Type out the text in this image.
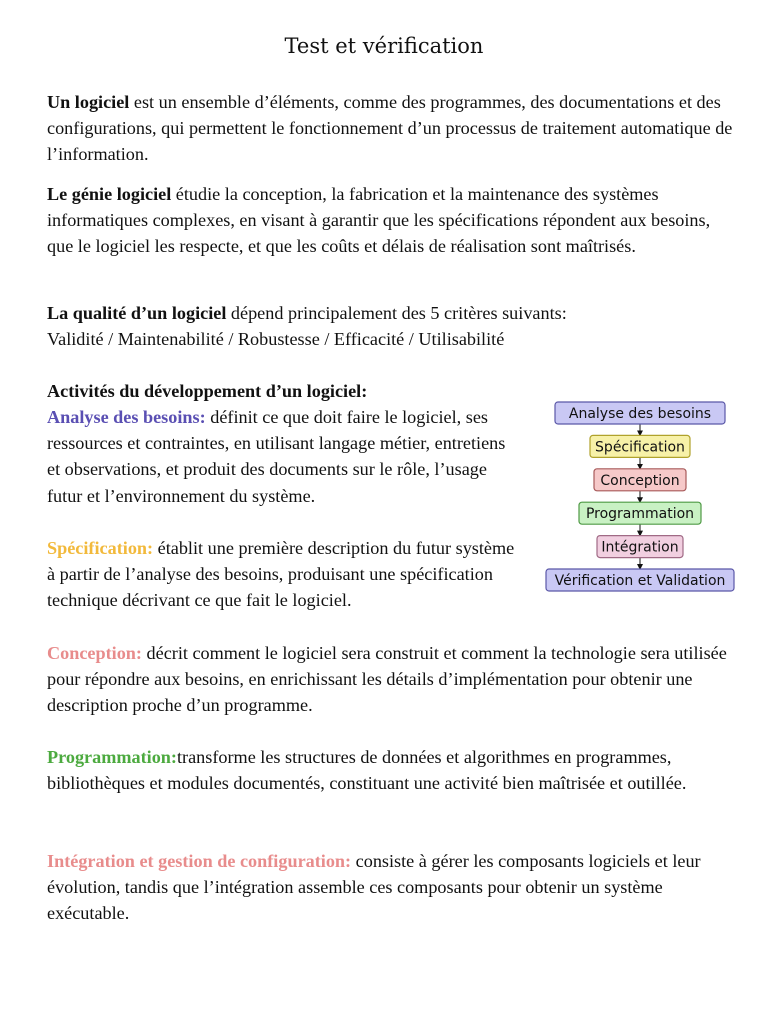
Test et vérification
Un logiciel est un ensemble d’éléments, comme des programmes, des documentations et des configurations, qui permettent le fonctionnement d’un processus de traitement automatique de l’information.
Le génie logiciel étudie la conception, la fabrication et la maintenance des systèmes informatiques complexes, en visant à garantir que les spécifications répondent aux besoins, que le logiciel les respecte, et que les coûts et délais de réalisation sont maîtrisés.
La qualité d’un logiciel dépend principalement des 5 critères suivants:
Validité / Maintenabilité / Robustesse / Efficacité / Utilisabilité
Activités du développement d’un logiciel:
Analyse des besoins: définit ce que doit faire le logiciel, ses ressources et contraintes, en utilisant langage métier, entretiens et observations, et produit des documents sur le rôle, l’usage futur et l’environnement du système.
Spécification: établit une première description du futur système à partir de l’analyse des besoins, produisant une spécification technique décrivant ce que fait le logiciel.
Conception: décrit comment le logiciel sera construit et comment la technologie sera utilisée pour répondre aux besoins, en enrichissant les détails d’implémentation pour obtenir une description proche d’un programme.
Programmation:transforme les structures de données et algorithmes en programmes, bibliothèques et modules documentés, constituant une activité bien maîtrisée et outillée.
Intégration et gestion de configuration: consiste à gérer les composants logiciels et leur évolution, tandis que l’intégration assemble ces composants pour obtenir un système exécutable.
Analyse des besoins
Spécification
Conception
Programmation
Intégration
Vérification et Validation
